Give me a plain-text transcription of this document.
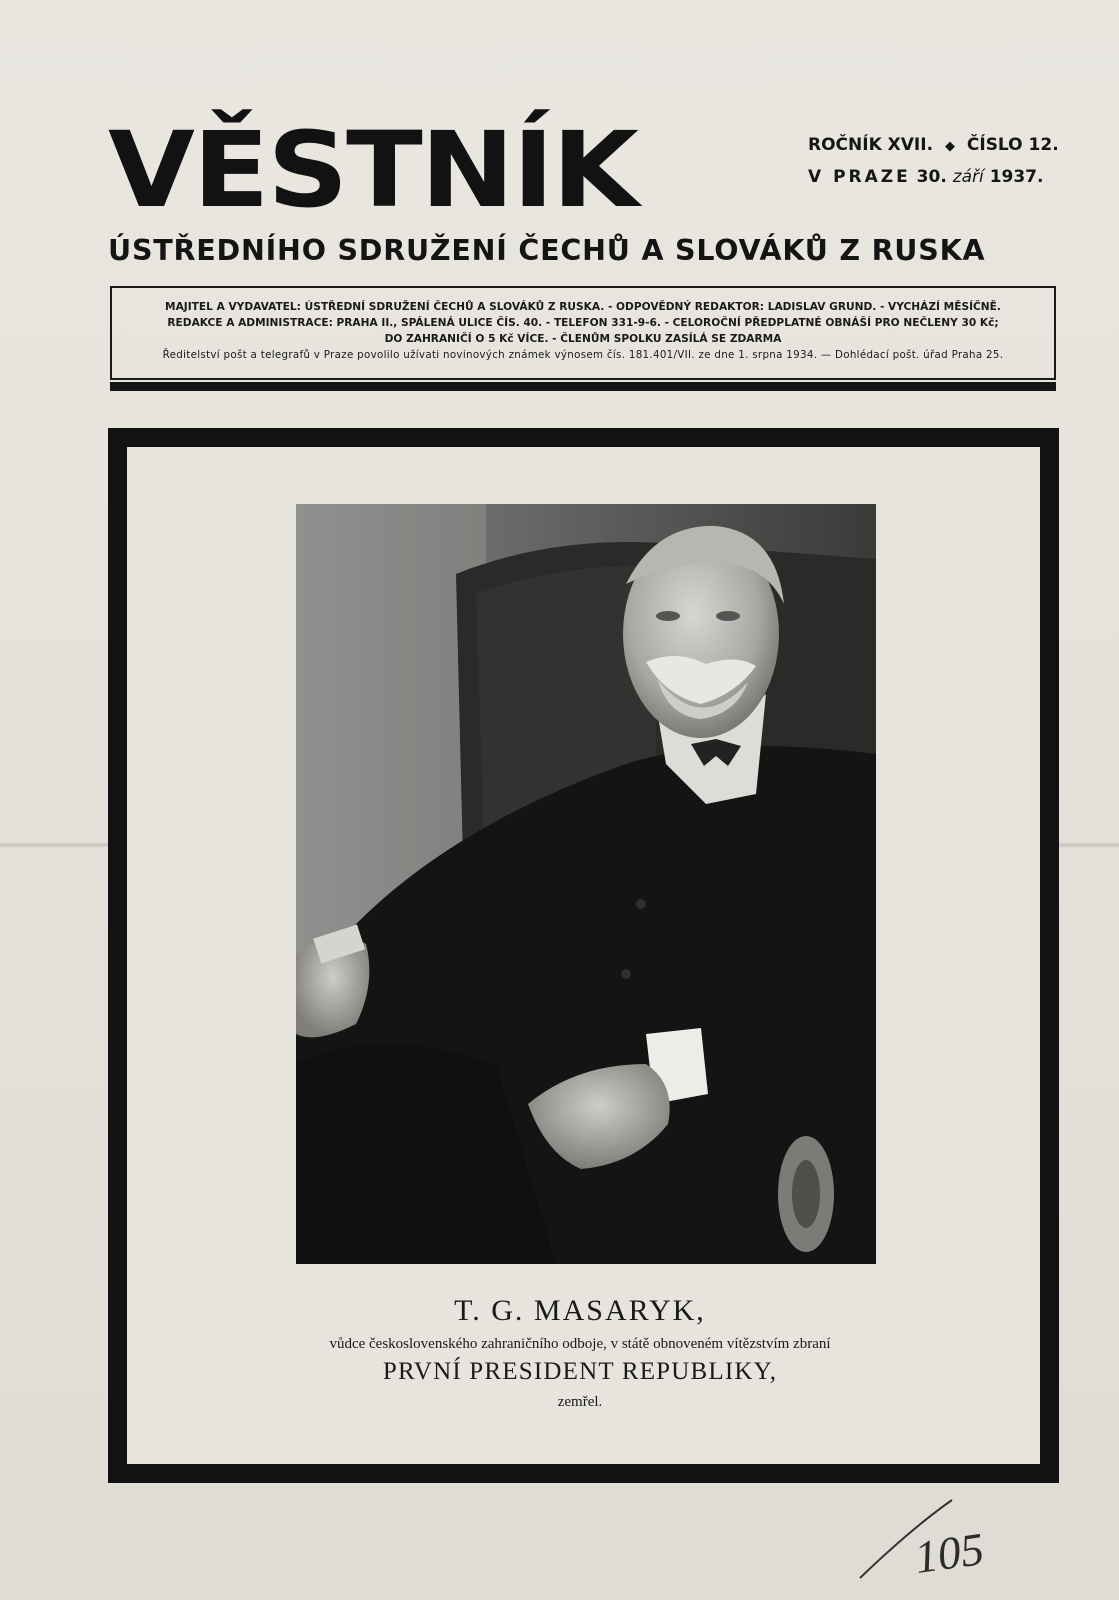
VĚSTNÍK	ROČNÍK XVII. ◆ ČÍSLO 12.
V PRAZE 30. září 1937.
ÚSTŘEDNÍHO SDRUŽENÍ ČECHŮ A SLOVÁKŮ Z RUSKA
MAJITEL A VYDAVATEL: ÚSTŘEDNÍ SDRUŽENÍ ČECHŮ A SLOVÁKŮ Z RUSKA. - ODPOVĚDNÝ REDAKTOR: LADISLAV GRUND. - VYCHÁZÍ MĚSÍČNĚ.
REDAKCE A ADMINISTRACE: PRAHA II., SPÁLENÁ ULICE ČÍS. 40. - TELEFON 331-9-6. - CELOROČNÍ PŘEDPLATNÉ OBNÁŠÍ PRO NEČLENY 30 Kč;
DO ZAHRANIČÍ O 5 Kč VÍCE. - ČLENŮM SPOLKU ZASÍLÁ SE ZDARMA
Ředitelství pošt a telegrafů v Praze povolilo užívati novinových známek výnosem čís. 181.401/VII. ze dne 1. srpna 1934. — Dohlédací pošt. úřad Praha 25.
T. G. MASARYK,
vůdce československého zahraničního odboje, v státě obnoveném vítězstvím zbraní
PRVNÍ PRESIDENT REPUBLIKY,
zemřel.
105
